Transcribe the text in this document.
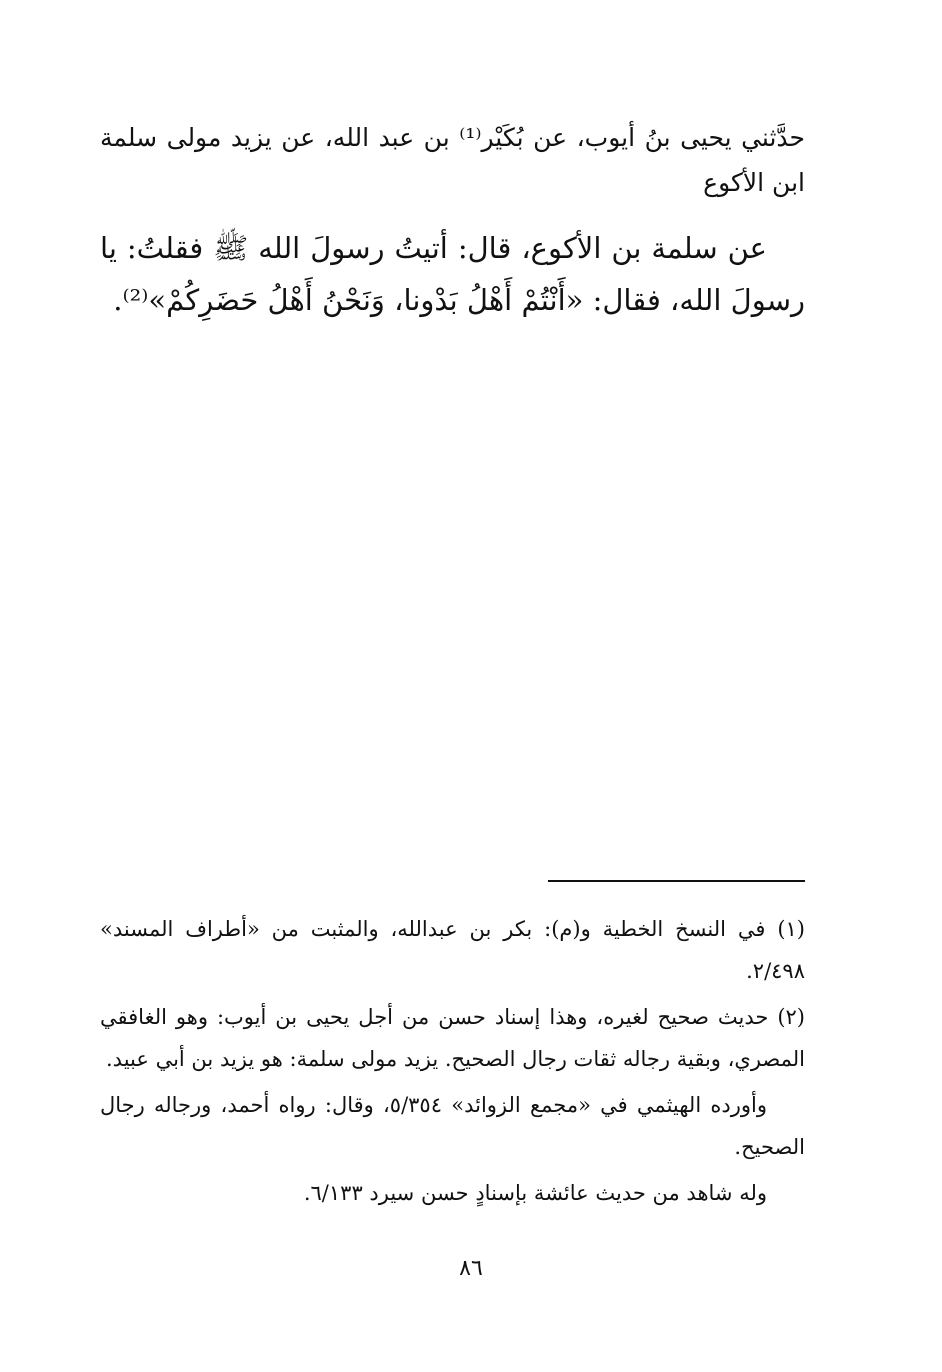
حدَّثني يحيى بنُ أيوب، عن بُكَيْر⁽¹⁾ بن عبد الله، عن يزيد مولى سلمة ابن الأكوع

عن سلمة بن الأكوع، قال: أتيتُ رسولَ الله ﷺ فقلتُ: يا رسولَ الله، فقال: «أَنْتُمْ أَهْلُ بَدْونا، وَنَحْنُ أَهْلُ حَضَرِكُمْ»⁽²⁾.

(١) في النسخ الخطية و(م): بكر بن عبدالله، والمثبت من «أطراف المسند» ٢/٤٩٨.

(٢) حديث صحيح لغيره، وهذا إسناد حسن من أجل يحيى بن أيوب: وهو الغافقي المصري، وبقية رجاله ثقات رجال الصحيح. يزيد مولى سلمة: هو يزيد بن أبي عبيد.

وأورده الهيثمي في «مجمع الزوائد» ٥/٣٥٤، وقال: رواه أحمد، ورجاله رجال الصحيح.

وله شاهد من حديث عائشة بإسنادٍ حسن سيرد ٦/١٣٣.

٨٦
